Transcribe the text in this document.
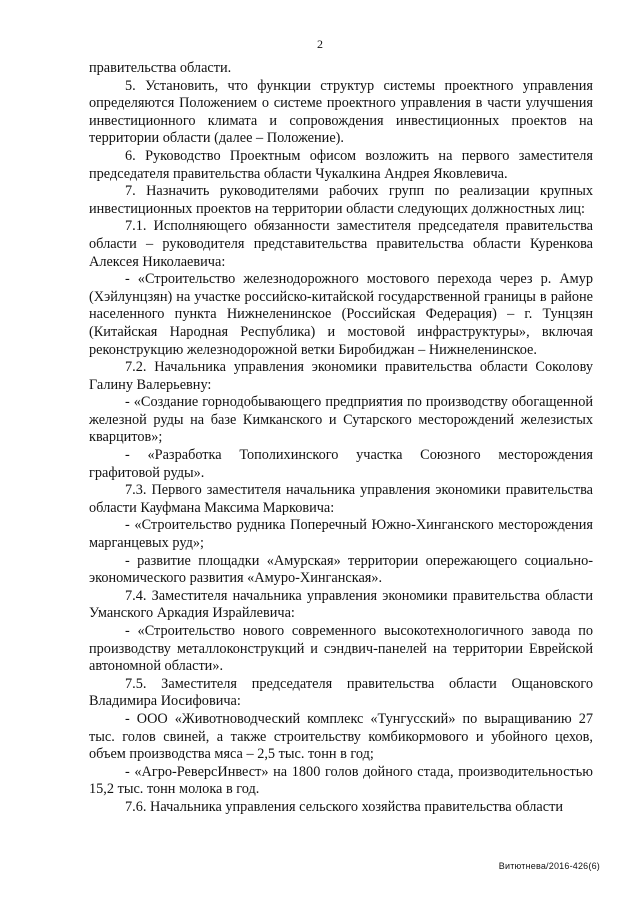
2

правительства области.

5. Установить, что функции структур системы проектного управления определяются Положением о системе проектного управления в части улучшения инвестиционного климата и сопровождения инвестиционных проектов на территории области (далее – Положение).

6. Руководство Проектным офисом возложить на первого заместителя председателя правительства области Чукалкина Андрея Яковлевича.

7. Назначить руководителями рабочих групп по реализации крупных инвестиционных проектов на территории области следующих должностных лиц:

7.1. Исполняющего обязанности заместителя председателя правительства области – руководителя представительства правительства области Куренкова Алексея Николаевича:

- «Строительство железнодорожного мостового перехода через р. Амур (Хэйлунцзян) на участке российско-китайской государственной границы в районе населенного пункта Нижнеленинское (Российская Федерация) – г. Тунцзян (Китайская Народная Республика) и мостовой инфраструктуры», включая реконструкцию железнодорожной ветки Биробиджан – Нижнеленинское.

7.2. Начальника управления экономики правительства области Соколову Галину Валерьевну:

- «Создание горнодобывающего предприятия по производству обогащенной железной руды на базе Кимканского и Сутарского месторождений железистых кварцитов»;

- «Разработка Тополихинского участка Союзного месторождения графитовой руды».

7.3. Первого заместителя начальника управления экономики правительства области Кауфмана Максима Марковича:

- «Строительство рудника Поперечный Южно-Хинганского месторождения марганцевых руд»;

- развитие площадки «Амурская» территории опережающего социально-экономического развития «Амуро-Хинганская».

7.4. Заместителя начальника управления экономики правительства области Уманского Аркадия Израйлевича:

- «Строительство нового современного высокотехнологичного завода по производству металлоконструкций и сэндвич-панелей на территории Еврейской автономной области».

7.5. Заместителя председателя правительства области Ощановского Владимира Иосифовича:

- ООО «Животноводческий комплекс «Тунгусский» по выращиванию 27 тыс. голов свиней, а также строительству комбикормового и убойного цехов, объем производства мяса – 2,5 тыс. тонн в год;

- «Агро-РеверсИнвест» на 1800 голов дойного стада, производительностью 15,2 тыс. тонн молока в год.

7.6. Начальника управления сельского хозяйства правительства области

Витютнева/2016-426(6)
